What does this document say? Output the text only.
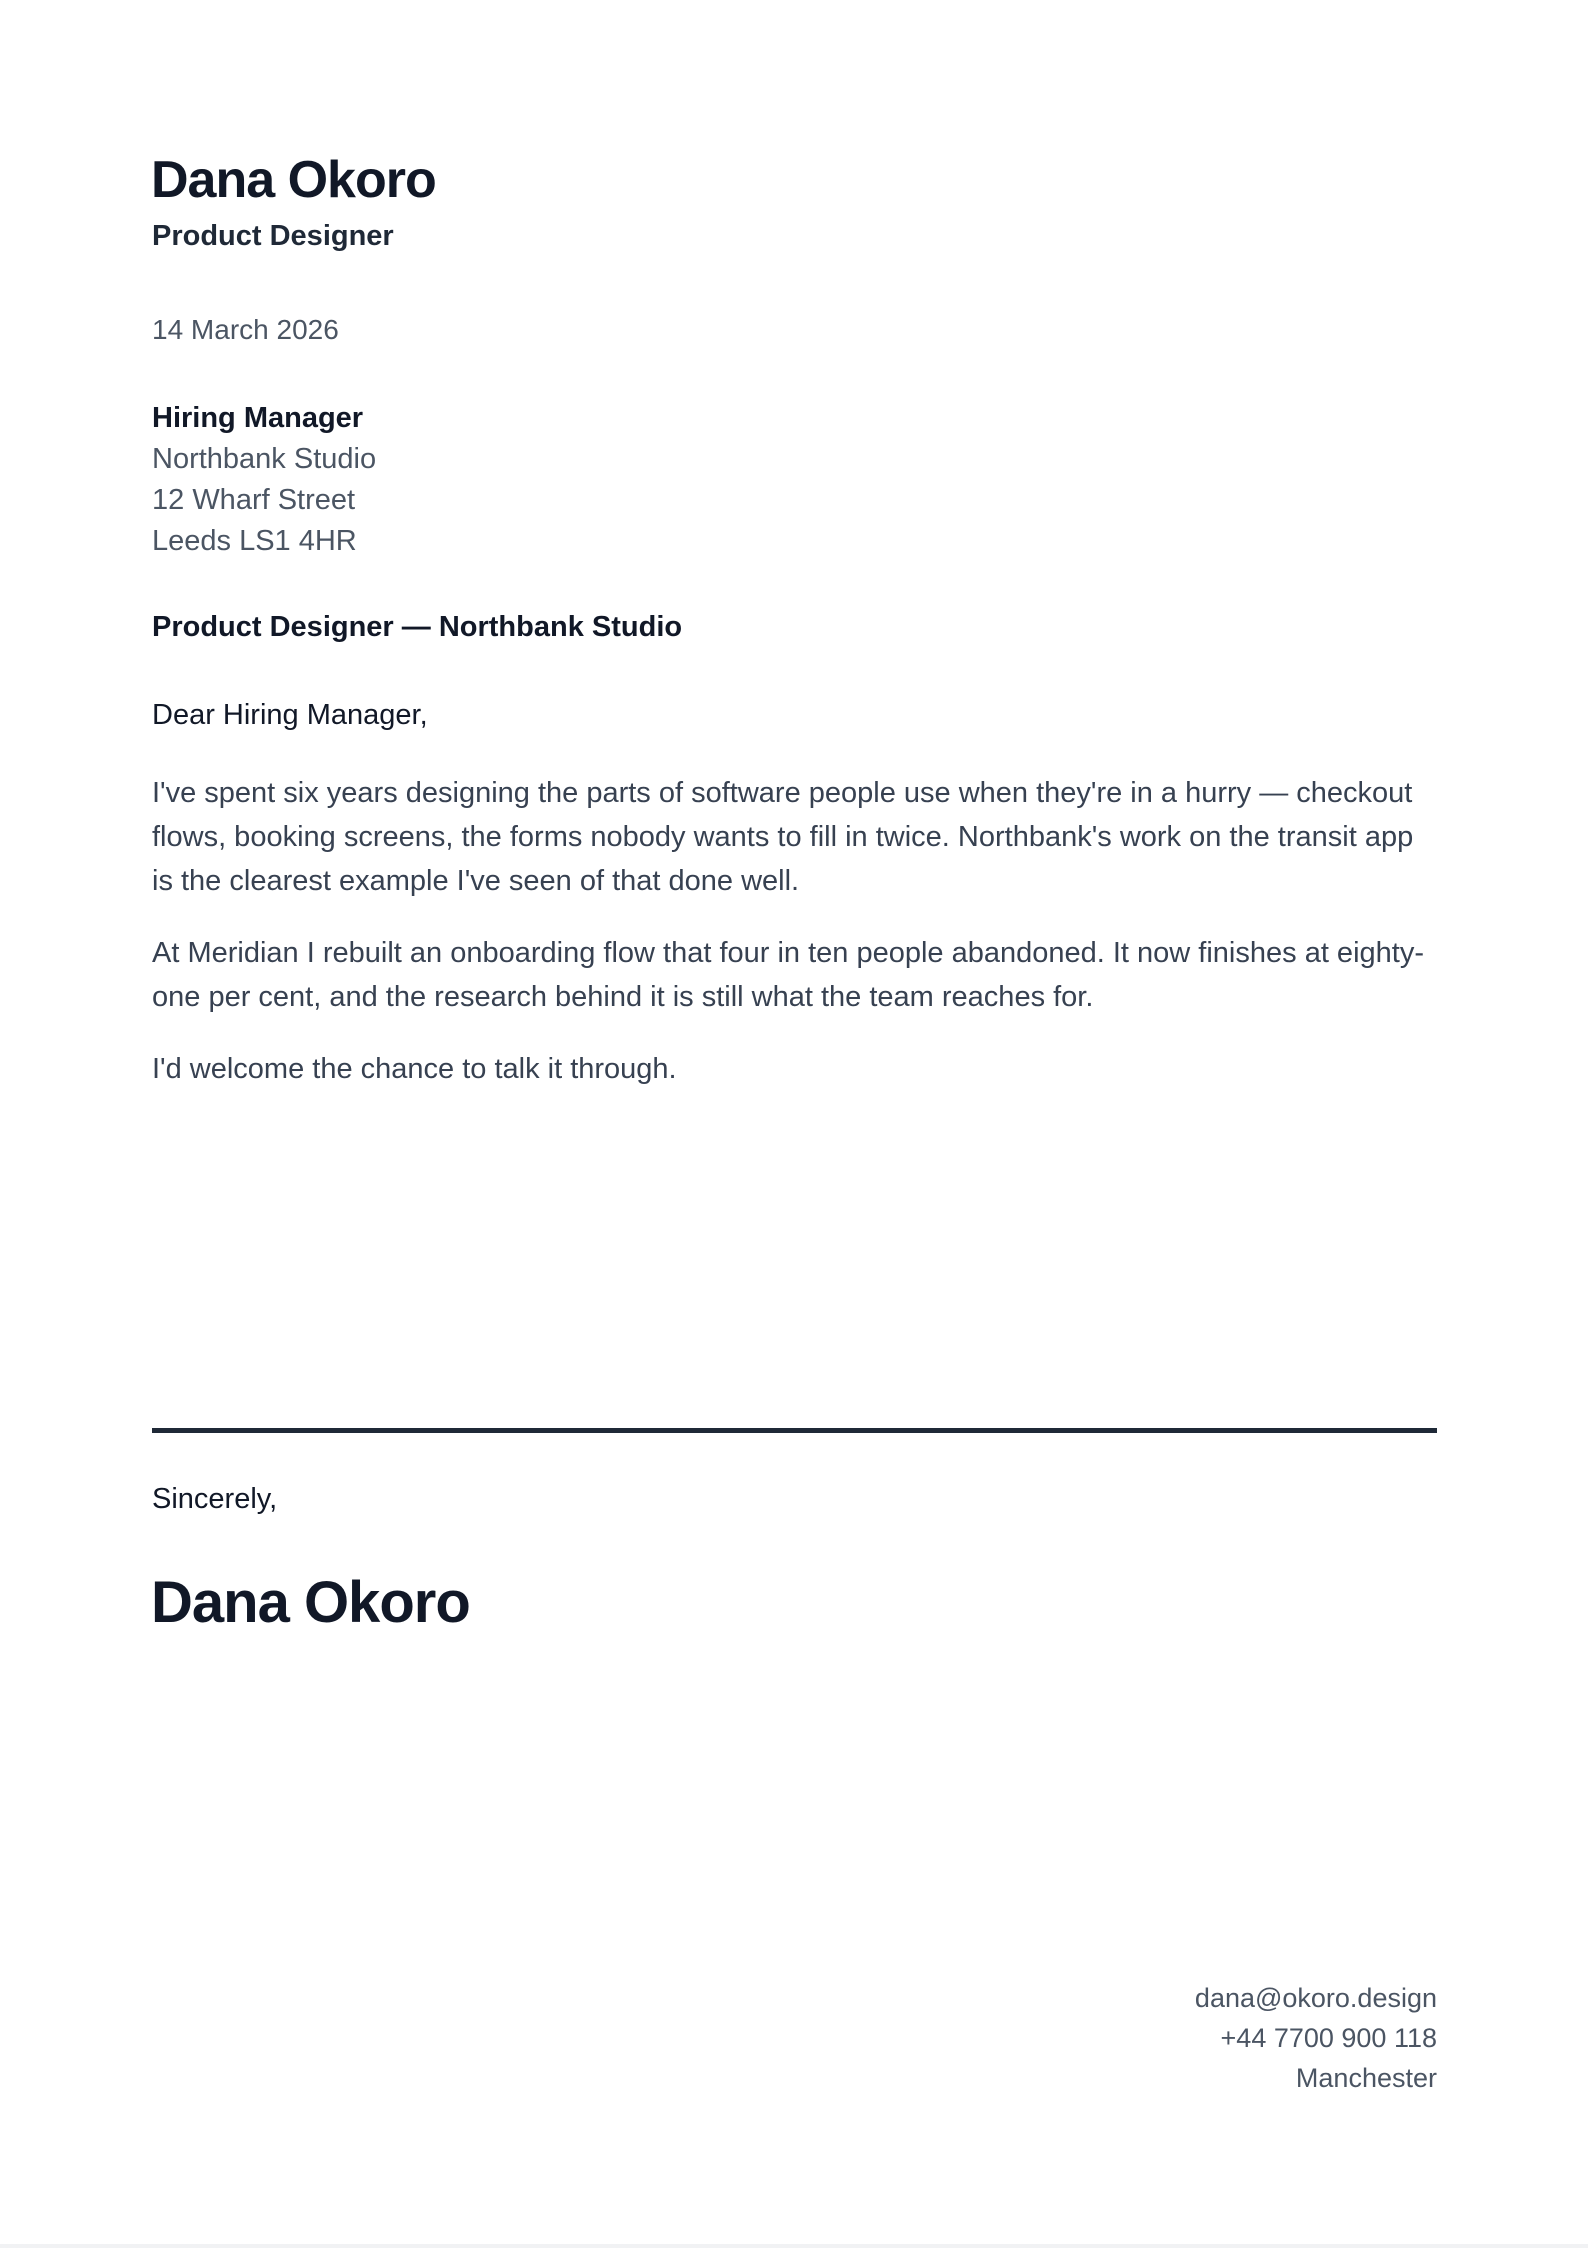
Dana Okoro
Product Designer
14 March 2026
Hiring Manager
Northbank Studio
12 Wharf Street
Leeds LS1 4HR
Product Designer — Northbank Studio
Dear Hiring Manager,

I've spent six years designing the parts of software people use when they're in a hurry — checkout flows, booking screens, the forms nobody wants to fill in twice. Northbank's work on the transit app is the clearest example I've seen of that done well.

At Meridian I rebuilt an onboarding flow that four in ten people abandoned. It now finishes at eighty-one per cent, and the research behind it is still what the team reaches for.

I'd welcome the chance to talk it through.

Sincerely,
Dana Okoro
dana@okoro.design
+44 7700 900 118
Manchester
